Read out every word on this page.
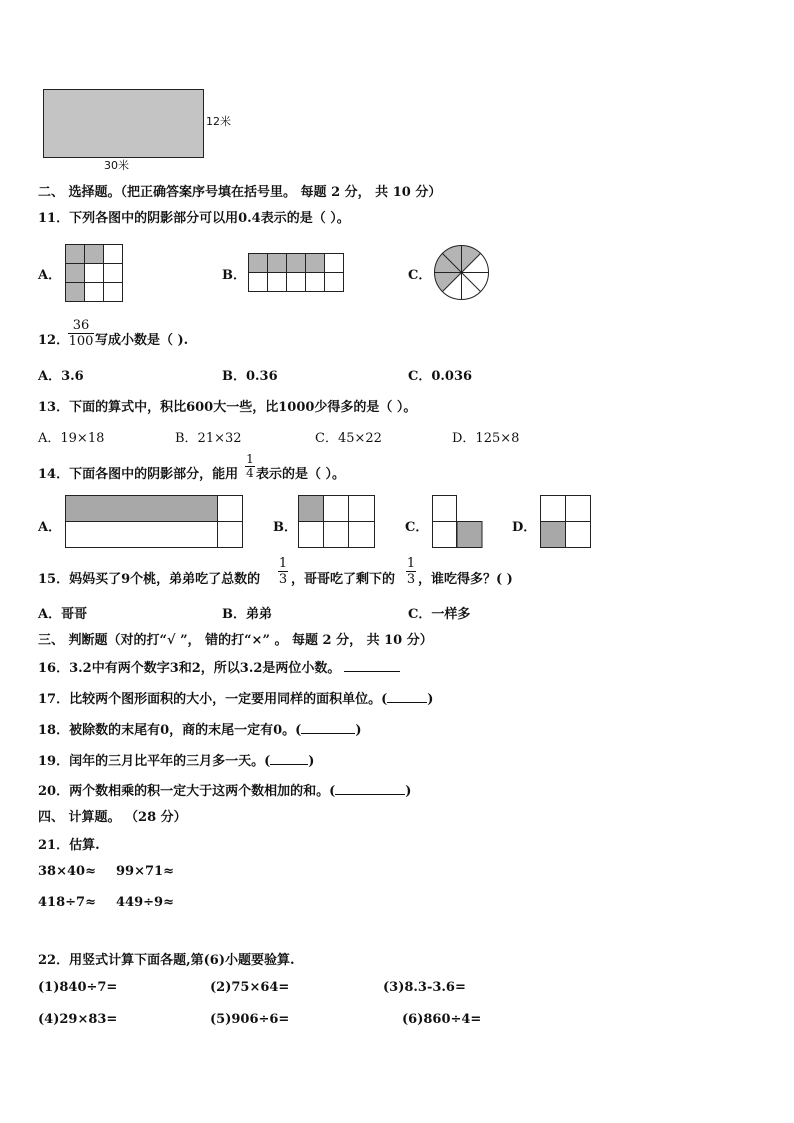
12米
30米
二、 选择题。（把正确答案序号填在括号里。 每题 2 分， 共 10 分）
11．下列各图中的阴影部分可以用0.4表示的是（ ）。
A．	B．	C．
12．
36
100 写成小数是（ ).
A．3.6	B．0.36	C．0.036
13．下面的算式中，积比600大一些，比1000少得多的是（ ）。
A．19×18	B．21×32	C．45×22	D．125×8
14．下面各图中的阴影部分，能用
1
4 表示的是（ ）。
A．	B．	C．	D．
15．妈妈买了9个桃，弟弟吃了总数的
1
3 ，哥哥吃了剩下的
1
3 ，谁吃得多？( )
A．哥哥	B．弟弟	C．一样多
三、 判断题（对的打“√ ”， 错的打“×” 。 每题 2 分， 共 10 分）
16．3.2中有两个数字3和2，所以3.2是两位小数。
17．比较两个图形面积的大小，一定要用同样的面积单位。(	)
18．被除数的末尾有0，商的末尾一定有0。(	)
19．闰年的三月比平年的三月多一天。(	)
20．两个数相乘的积一定大于这两个数相加的和。(	)
四、 计算题。 （28 分）
21．估算.
38×40≈ 99×71≈
418÷7≈ 449÷9≈
22．用竖式计算下面各题,第(6)小题要验算.
(1)840÷7=	(2)75×64=	(3)8.3-3.6=
(4)29×83=	(5)906÷6=	(6)860÷4=
